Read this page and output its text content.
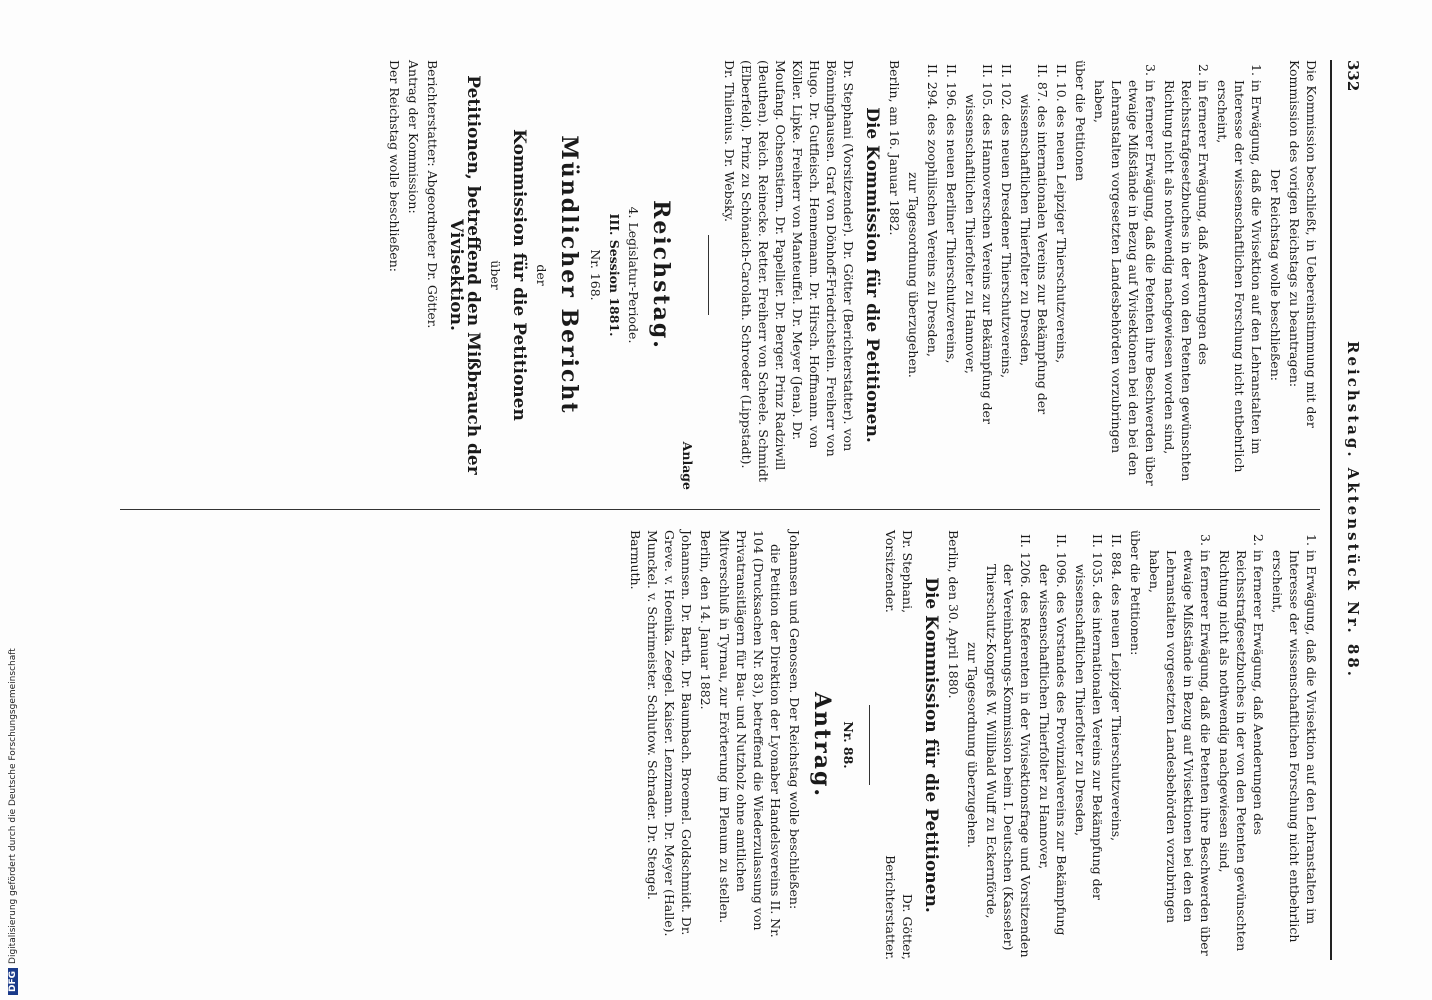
332
Reichstag. Aktenstück Nr. 88.

Die Kommission beschließt, in Uebereinstimmung mit der Kommission des vorigen Reichstags zu beantragen:

Der Reichstag wolle beschließen:

1. in Erwägung, daß die Vivisektion auf den Lehranstalten im Interesse der wissenschaftlichen Forschung nicht entbehrlich erscheint,

2. in fernerer Erwägung, daß Aenderungen des Reichsstrafgesetzbuches in der von den Petenten gewünschten Richtung nicht als nothwendig nachgewiesen worden sind,

3. in fernerer Erwägung, daß die Petenten ihre Beschwerden über etwaige Mißstände in Bezug auf Vivisektionen bei den bei den Lehranstalten vorgesetzten Landesbehörden vorzubringen haben,

über die Petitionen

II. 10. des neuen Leipziger Thierschutzvereins,

II. 87. des internationalen Vereins zur Bekämpfung der wissenschaftlichen Thierfolter zu Dresden,

II. 102. des neuen Dresdener Thierschutzvereins,

II. 105. des Hannoverschen Vereins zur Bekämpfung der wissenschaftlichen Thierfolter zu Hannover,

II. 196. des neuen Berliner Thierschutzvereins,

II. 294. des zoophilischen Vereins zu Dresden,

zur Tagesordnung überzugehen.

Berlin, am 16. Januar 1882.

Die Kommission für die Petitionen.

Dr. Stephani (Vorsitzender). Dr. Götter (Berichterstatter). von Bönninghausen. Graf von Dönhoff-Friedrichstein. Freiherr von Hugo. Dr. Gutfleisch. Hennemann. Dr. Hirsch. Hoffmann. von Köller. Lipke. Freiherr von Manteuffel. Dr. Meyer (Jena). Dr. Moufang. Ochsenstiern. Dr. Papellier. Dr. Berger. Prinz Radziwill (Beuthen). Reich. Reinecke. Retter. Freiherr von Scheele. Schmidt (Elberfeld). Prinz zu Schönaich-Carolath. Schroeder (Lippstadt). Dr. Thilenius. Dr. Websky.

Anlage

Reichstag.

4. Legislatur-Periode.

III. Session 1881.

Nr. 168.

Mündlicher Bericht

der

Kommission für die Petitionen

über

Petitionen, betreffend den Mißbrauch der Vivisektion.

Berichterstatter: Abgeordneter Dr. Götter.

Antrag der Kommission:

Der Reichstag wolle beschließen:

1. in Erwägung, daß die Vivisektion auf den Lehranstalten im Interesse der wissenschaftlichen Forschung nicht entbehrlich erscheint,

2. in fernerer Erwägung, daß Aenderungen des Reichsstrafgesetzbuches in der von den Petenten gewünschten Richtung nicht als nothwendig nachgewiesen sind,

3. in fernerer Erwägung, daß die Petenten ihre Beschwerden über etwaige Mißstände in Bezug auf Vivisektionen bei den den Lehranstalten vorgesetzten Landesbehörden vorzubringen haben,

über die Petitionen:

II. 884. des neuen Leipziger Thierschutzvereins,

II. 1035. des internationalen Vereins zur Bekämpfung der wissenschaftlichen Thierfolter zu Dresden,

II. 1096. des Vorstandes des Provinzialvereins zur Bekämpfung der wissenschaftlichen Thierfolter zu Hannover,

II. 1206. des Referenten in der Vivisektionsfrage und Vorsitzenden der Vereinbarungs-Kommission beim I. Deutschen (Kasseler) Thierschutz-Kongreß W. Willibald Wulff zu Eckernförde,

zur Tagesordnung überzugehen.

Berlin, den 30. April 1880.

Die Kommission für die Petitionen.

Dr. Stephani,
Dr. Götter,
Vorsitzender.
Berichterstatter.

Nr. 88.

Antrag.

Johannsen und Genossen. Der Reichstag wolle beschließen:

die Petition der Direktion der Lyonaber Handelsvereins II. Nr. 104 (Drucksachen Nr. 83), betreffend die Wiederzulassung von Privatransitlägern für Bau- und Nutzholz ohne amtlichen Mitverschluß in Tyrnau, zur Erörterung im Plenum zu stellen.

Berlin, den 14. Januar 1882.

Johannsen. Dr. Barth. Dr. Baumbach. Broemel. Goldschmidt. Dr. Greve. v. Hoenika. Zeegel. Kaiser. Lenzmann. Dr. Meyer (Halle). Munckel. v. Schrimeister. Schlutow. Schrader. Dr. Stengel. Barmuth.

DFGDigitalisierung gefördert durch die Deutsche Forschungsgemeinschaft
